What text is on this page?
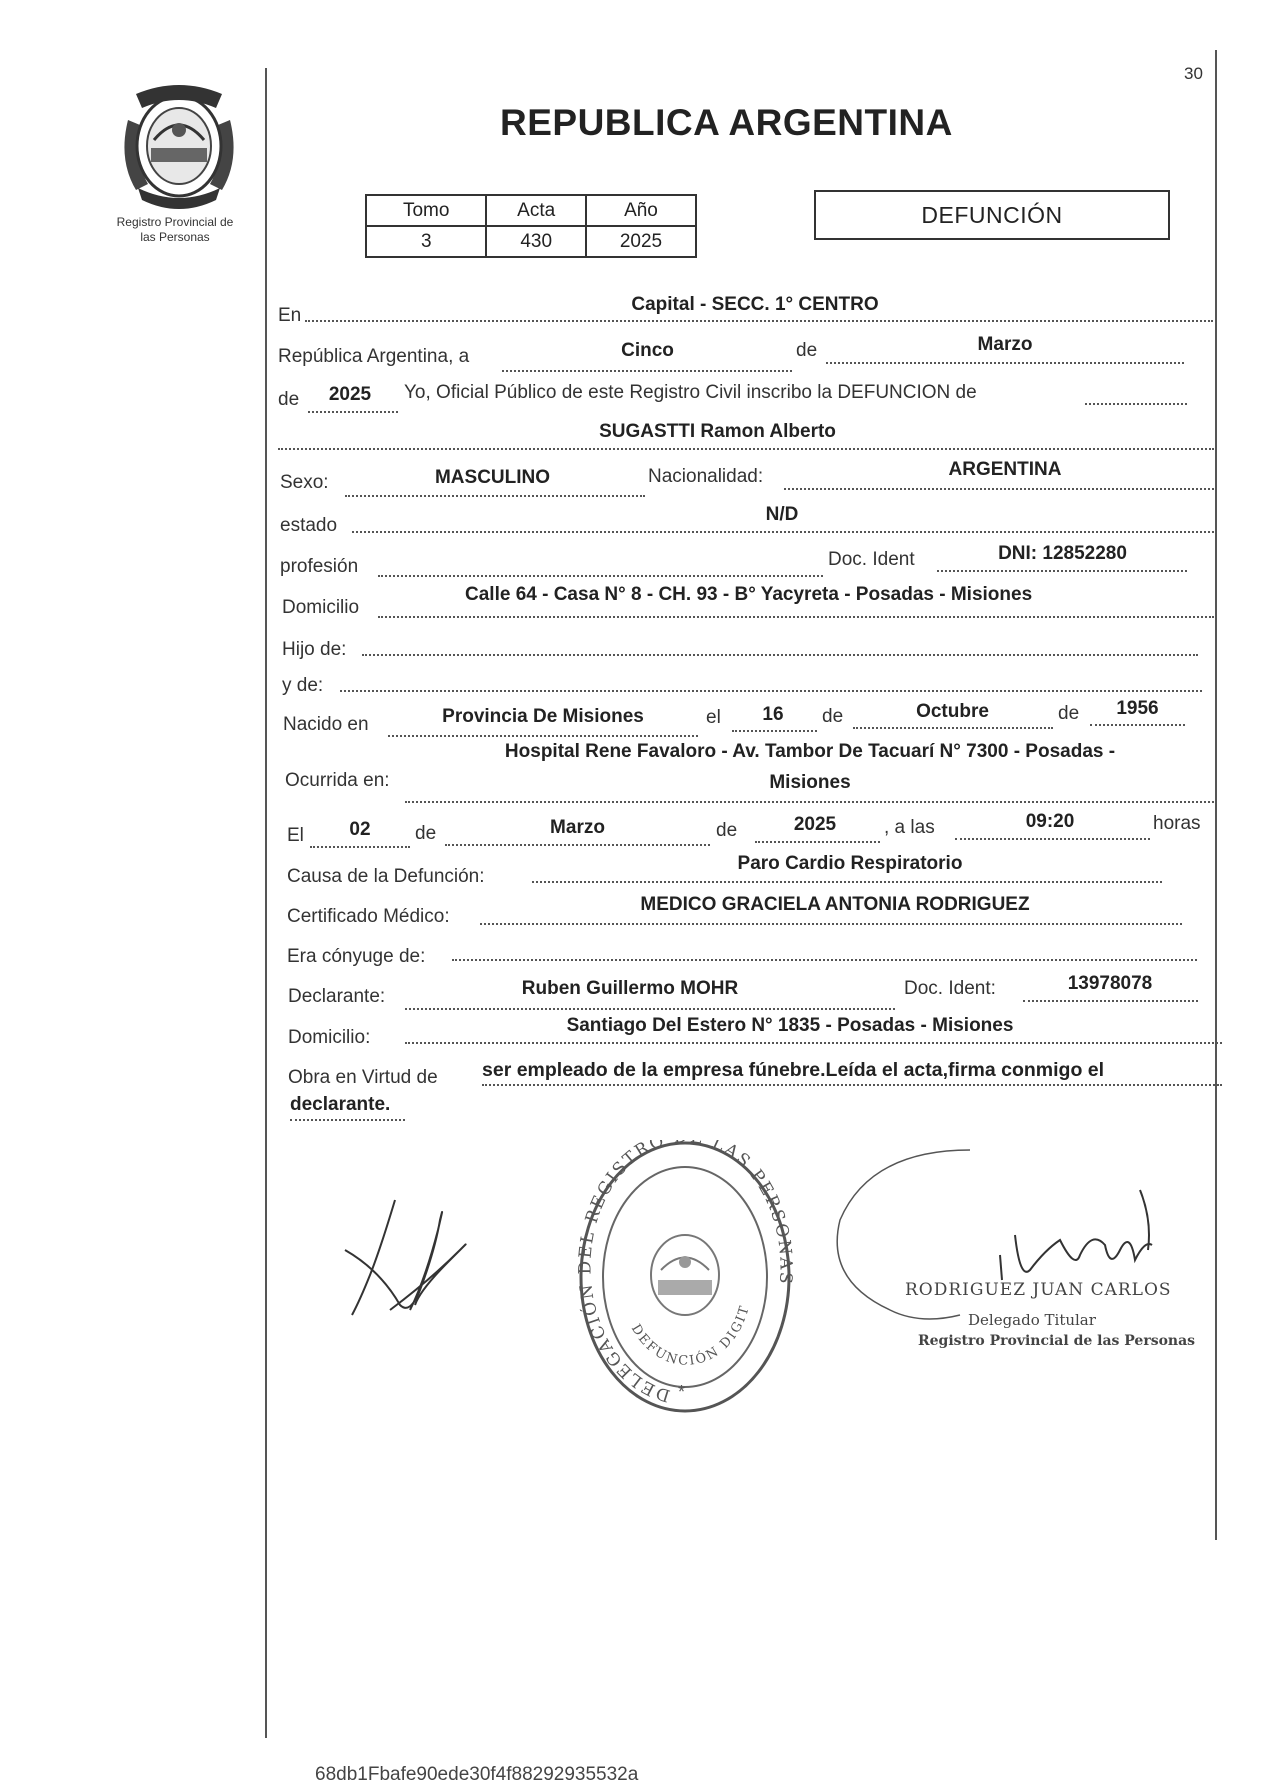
30
Registro Provincial de
las Personas
REPUBLICA ARGENTINA
Tomo	Acta	Año
3	430	2025
DEFUNCIÓN
En
Capital - SECC. 1° CENTRO
República Argentina, a	Cinco	de	Marzo
de	2025	Yo, Oficial Público de este Registro Civil inscribo la DEFUNCION de
SUGASTTI Ramon Alberto
Sexo:	MASCULINO	Nacionalidad:	ARGENTINA
estado
N/D
profesión	Doc. Ident	DNI: 12852280
Domicilio
Calle 64 - Casa N° 8 - CH. 93 - B° Yacyreta - Posadas - Misiones
Hijo de:
y de:
Nacido en	Provincia De Misiones	el	16	de	Octubre	de	1956
Hospital Rene Favaloro - Av. Tambor De Tacuarí N° 7300 - Posadas -
Ocurrida en:	Misiones
El	02	de	Marzo	de	2025	, a las	09:20	horas
Causa de la Defunción:
Paro Cardio Respiratorio
Certificado Médico:
MEDICO GRACIELA ANTONIA RODRIGUEZ
Era cónyuge de:
Declarante:	Ruben Guillermo MOHR	Doc. Ident:	13978078
Domicilio:
Santiago Del Estero N° 1835 - Posadas - Misiones
Obra en Virtud de ser empleado de la empresa fúnebre.Leída el acta,firma conmigo el
declarante.
DELEGACIÓN L REGISTRO LAS PERSO
DEFUNCIÓN DIGIT
*
RODRIGUEZ JUAN CARLOS
Delegado Titular
Registro Provincial de las Personas
68db1Fbafe90ede30f4f88292935532a
